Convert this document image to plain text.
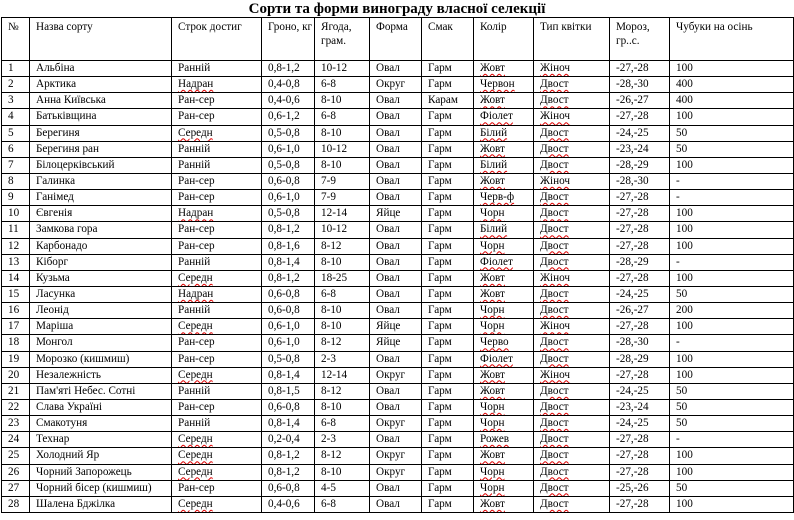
Сорти та форми винограду власної селекції
№	Назва сорту	Строк достиг	Гроно, кг	Ягода, грам.	Форма	Смак	Колір	Тип квітки	Мороз, гр..с.	Чубуки на осінь
1	Альбіна	Ранній	0,8-1,2	10-12	Овал	Гарм	Жовт	Жіноч	-27,-28	100
2	Арктика	Надран	0,4-0,8	6-8	Округ	Гарм	Червон	Двост	-28,-30	400
3	Анна Київська	Ран-сер	0,4-0,6	8-10	Овал	Карам	Жовт	Двост	-26,-27	400
4	Батьківщина	Ран-сер	0,6-1,2	6-8	Овал	Гарм	Фіолет	Жіноч	-27,-28	100
5	Берегиня	Середн	0,5-0,8	8-10	Овал	Гарм	Білий	Двост	-24,-25	50
6	Берегиня ран	Ранній	0,6-1,0	10-12	Овал	Гарм	Жовт	Двост	-23,-24	50
7	Білоцерківський	Ранній	0,5-0,8	8-10	Овал	Гарм	Білий	Двост	-28,-29	100
8	Галинка	Ран-сер	0,6-0,8	7-9	Овал	Гарм	Жовт	Жіноч	-28,-30	-
9	Ганімед	Ран-сер	0,6-1,0	7-9	Овал	Гарм	Черв-ф	Двост	-27,-28	-
10	Євгенія	Надран	0,5-0,8	12-14	Яйце	Гарм	Чорн	Двост	-27,-28	100
11	Замкова гора	Ран-сер	0,8-1,2	10-12	Овал	Гарм	Білий	Двост	-27,-28	100
12	Карбонадо	Ран-сер	0,8-1,6	8-12	Овал	Гарм	Чорн	Двост	-27,-28	100
13	Кіборг	Ранній	0,8-1,4	8-10	Овал	Гарм	Фіолет	Двост	-28,-29	-
14	Кузьма	Середн	0,8-1,2	18-25	Овал	Гарм	Жовт	Жіноч	-27,-28	100
15	Ласунка	Надран	0,6-0,8	6-8	Овал	Гарм	Жовт	Двост	-24,-25	50
16	Леонід	Ранній	0,6-0,8	8-10	Овал	Гарм	Чорн	Двост	-26,-27	200
17	Маріша	Середн	0,6-1,0	8-10	Яйце	Гарм	Чорн	Жіноч	-27,-28	100
18	Монгол	Ран-сер	0,6-1,0	8-12	Яйце	Гарм	Черво	Двост	-28,-30	-
19	Морозко (кишмиш)	Ран-сер	0,5-0,8	2-3	Овал	Гарм	Фіолет	Двост	-28,-29	100
20	Незалежність	Середн	0,8-1,4	12-14	Округ	Гарм	Жовт	Жіноч	-27,-28	100
21	Пам'яті Небес. Сотні	Ранній	0,8-1,5	8-12	Овал	Гарм	Жовт	Двост	-24,-25	50
22	Слава Україні	Ран-сер	0,6-0,8	8-10	Овал	Гарм	Чорн	Двост	-23,-24	50
23	Смакотуня	Ранній	0,8-1,4	6-8	Округ	Гарм	Чорн	Двост	-24,-25	50
24	Технар	Середн	0,2-0,4	2-3	Овал	Гарм	Рожев	Двост	-27,-28	-
25	Холодний Яр	Середн	0,8-1,2	8-12	Округ	Гарм	Жовт	Двост	-27,-28	100
26	Чорний Запорожець	Середн	0,8-1,2	8-10	Округ	Гарм	Чорн	Двост	-27,-28	100
27	Чорний бісер (кишмиш)	Ран-сер	0,6-0,8	4-5	Овал	Гарм	Чорн	Двост	-25,-26	50
28	Шалена Бджілка	Середн	0,4-0,6	6-8	Овал	Гарм	Жовт	Двост	-27,-28	100
